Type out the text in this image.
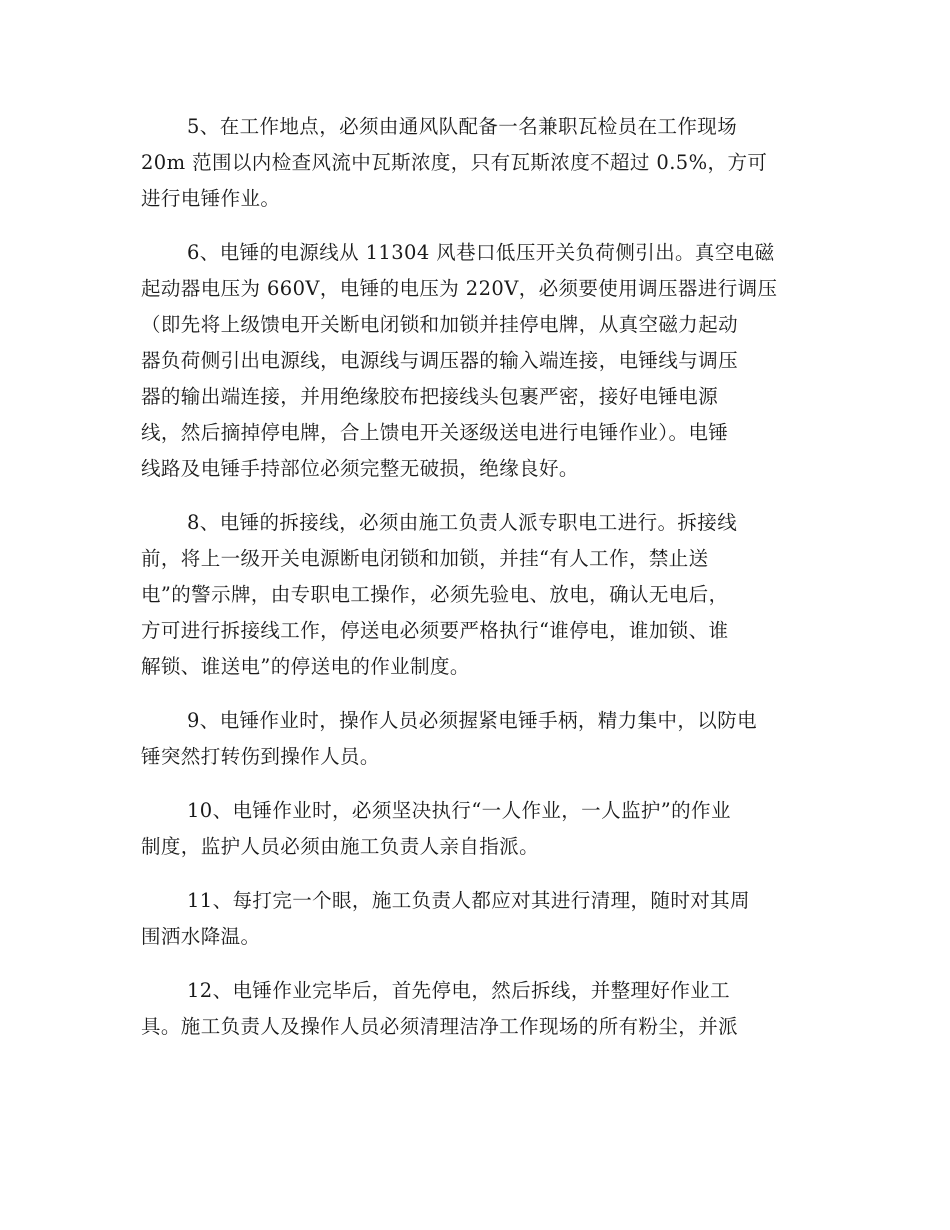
5、在工作地点，必须由通风队配备一名兼职瓦检员在工作现场
20m 范围以内检查风流中瓦斯浓度，只有瓦斯浓度不超过 0.5%，方可
进行电锤作业。
6、电锤的电源线从 11304 风巷口低压开关负荷侧引出。真空电磁
起动器电压为 660V，电锤的电压为 220V，必须要使用调压器进行调压
（即先将上级馈电开关断电闭锁和加锁并挂停电牌，从真空磁力起动
器负荷侧引出电源线，电源线与调压器的输入端连接，电锤线与调压
器的输出端连接，并用绝缘胶布把接线头包裹严密，接好电锤电源
线，然后摘掉停电牌，合上馈电开关逐级送电进行电锤作业）。电锤
线路及电锤手持部位必须完整无破损，绝缘良好。
8、电锤的拆接线，必须由施工负责人派专职电工进行。拆接线
前，将上一级开关电源断电闭锁和加锁，并挂“有人工作，禁止送
电”的警示牌，由专职电工操作，必须先验电、放电，确认无电后，
方可进行拆接线工作，停送电必须要严格执行“谁停电，谁加锁、谁
解锁、谁送电”的停送电的作业制度。
9、电锤作业时，操作人员必须握紧电锤手柄，精力集中，以防电
锤突然打转伤到操作人员。
10、电锤作业时，必须坚决执行“一人作业，一人监护”的作业
制度，监护人员必须由施工负责人亲自指派。
11、每打完一个眼，施工负责人都应对其进行清理，随时对其周
围洒水降温。
12、电锤作业完毕后，首先停电，然后拆线，并整理好作业工
具。施工负责人及操作人员必须清理洁净工作现场的所有粉尘，并派
